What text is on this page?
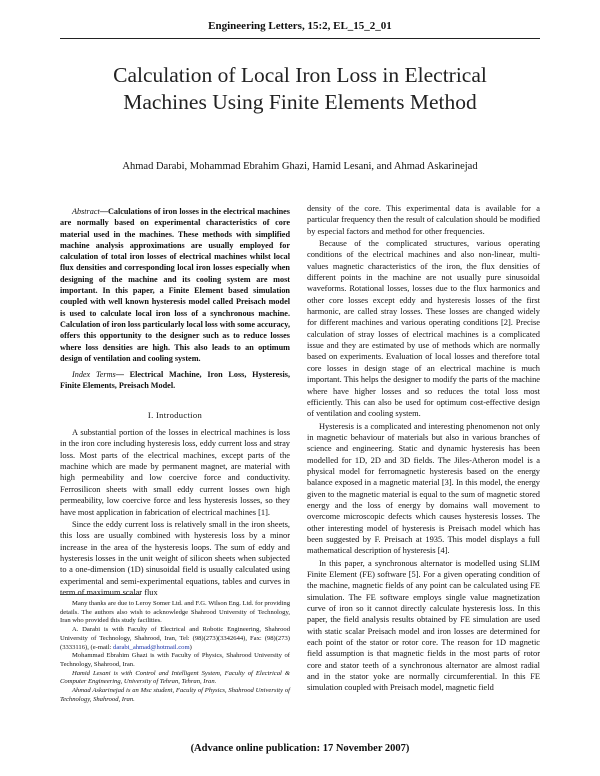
Engineering Letters, 15:2, EL_15_2_01
Calculation of Local Iron Loss in Electrical
Machines Using Finite Elements Method
Ahmad Darabi, Mohammad Ebrahim Ghazi, Hamid Lesani, and Ahmad Askarinejad

Abstract—Calculations of iron losses in the electrical machines are normally based on experimental characteristics of core material used in the machines. These methods with simplified machine analysis approximations are usually employed for calculation of total iron losses of electrical machines whilst local flux densities and corresponding local iron losses especially when designing of the machine and its cooling system are most important. In this paper, a Finite Element based simulation coupled with well known hysteresis model called Preisach model is used to calculate local iron loss of a synchronous machine. Calculation of iron loss particularly local loss with some accuracy, offers this opportunity to the designer such as to reduce losses where loss densities are high. This also leads to an optimum design of ventilation and cooling system.

Index Terms— Electrical Machine, Iron Loss, Hysteresis, Finite Elements, Preisach Model.

I. Introduction

A substantial portion of the losses in electrical machines is loss in the iron core including hysteresis loss, eddy current loss and stray loss. Most parts of the electrical machines, except parts of the machine which are made by permanent magnet, are material with high permeability and low coercive force and conductivity. Ferrosilicon sheets with small eddy current losses own high permeability, low coercive force and less hysteresis losses, so they have most application in fabrication of electrical machines [1].

Since the eddy current loss is relatively small in the iron sheets, this loss are usually combined with hysteresis loss by a minor increase in the area of the hysteresis loops. The sum of eddy and hysteresis losses in the unit weight of silicon sheets when subjected to a one-dimension (1D) sinusoidal field is usually calculated using experimental and semi-experimental equations, tables and curves in term of maximum scalar flux

density of the core. This experimental data is available for a particular frequency then the result of calculation should be modified by especial factors and method for other frequencies.

Because of the complicated structures, various operating conditions of the electrical machines and also non-linear, multi-values magnetic characteristics of the iron, the flux densities of different points in the machine are not usually pure sinusoidal waveforms. Rotational losses, losses due to the flux harmonics and other core losses except eddy and hysteresis losses of the first harmonic, are called stray losses. These losses are changed widely for different machines and various operating conditions [2]. Precise calculation of stray losses of electrical machines is a complicated issue and they are estimated by use of methods which are normally based on experiments. Evaluation of local losses and therefore total core losses in design stage of an electrical machine is much important. This helps the designer to modify the parts of the machine where have higher losses and so reduces the total loss most efficiently. This can also be used for optimum cost-effective design of ventilation and cooling system.

Hysteresis is a complicated and interesting phenomenon not only in magnetic behaviour of materials but also in various branches of science and engineering. Static and dynamic hysteresis has been modelled for 1D, 2D and 3D fields. The Jiles-Atheron model is a physical model for ferromagnetic hysteresis based on the energy balance exposed in a magnetic material [3]. In this model, the energy given to the magnetic material is equal to the sum of magnetic stored energy and the loss of energy by domains wall movement to overcome microscopic defects which causes hysteresis losses. The other interesting model of hysteresis is Preisach model which has been suggested by F. Preisach at 1935. This model displays a full mathematical description of hysteresis [4].

In this paper, a synchronous alternator is modelled using SLIM Finite Element (FE) software [5]. For a given operating condition of the machine, magnetic fields of any point can be calculated using FE simulation. The FE software employs single value magnetization curve of iron so it cannot directly calculate hysteresis loss. In this paper, the field analysis results obtained by FE simulation are used with static scalar Preisach model and iron losses are determined for each point of the stator or rotor core. The reason for 1D magnetic field assumption is that magnetic fields in the most parts of rotor core and stator teeth of a synchronous alternator are almost radial and in the stator yoke are normally circumferential. In this FE simulation coupled with Preisach model, magnetic field

Many thanks are due to Leroy Somer Ltd. and F.G. Wilson Eng. Ltd. for providing details. The authors also wish to acknowledge Shahrood University of Technology, Iran who provided this study facilities.

A. Darabi is with Faculty of Electrical and Robotic Engineering, Shahrood University of Technology, Shahrood, Iran, Tel: (98)(273)(3342644), Fax: (98)(273)(3333116), (e-mail: darabi_ahmad@hotmail.com)

Mohammad Ebrahim Ghazi is with Faculty of Physics, Shahrood University of Technology, Shahrood, Iran.

Hamid Lesani is with Control and Intelligent System, Faculty of Electrical & Computer Engineering, University of Tehran, Tehran, Iran.

Ahmad Askarinejad is an Msc student, Faculty of Physics, Shahrood University of Technology, Shahrood, Iran.

(Advance online publication: 17 November 2007)
